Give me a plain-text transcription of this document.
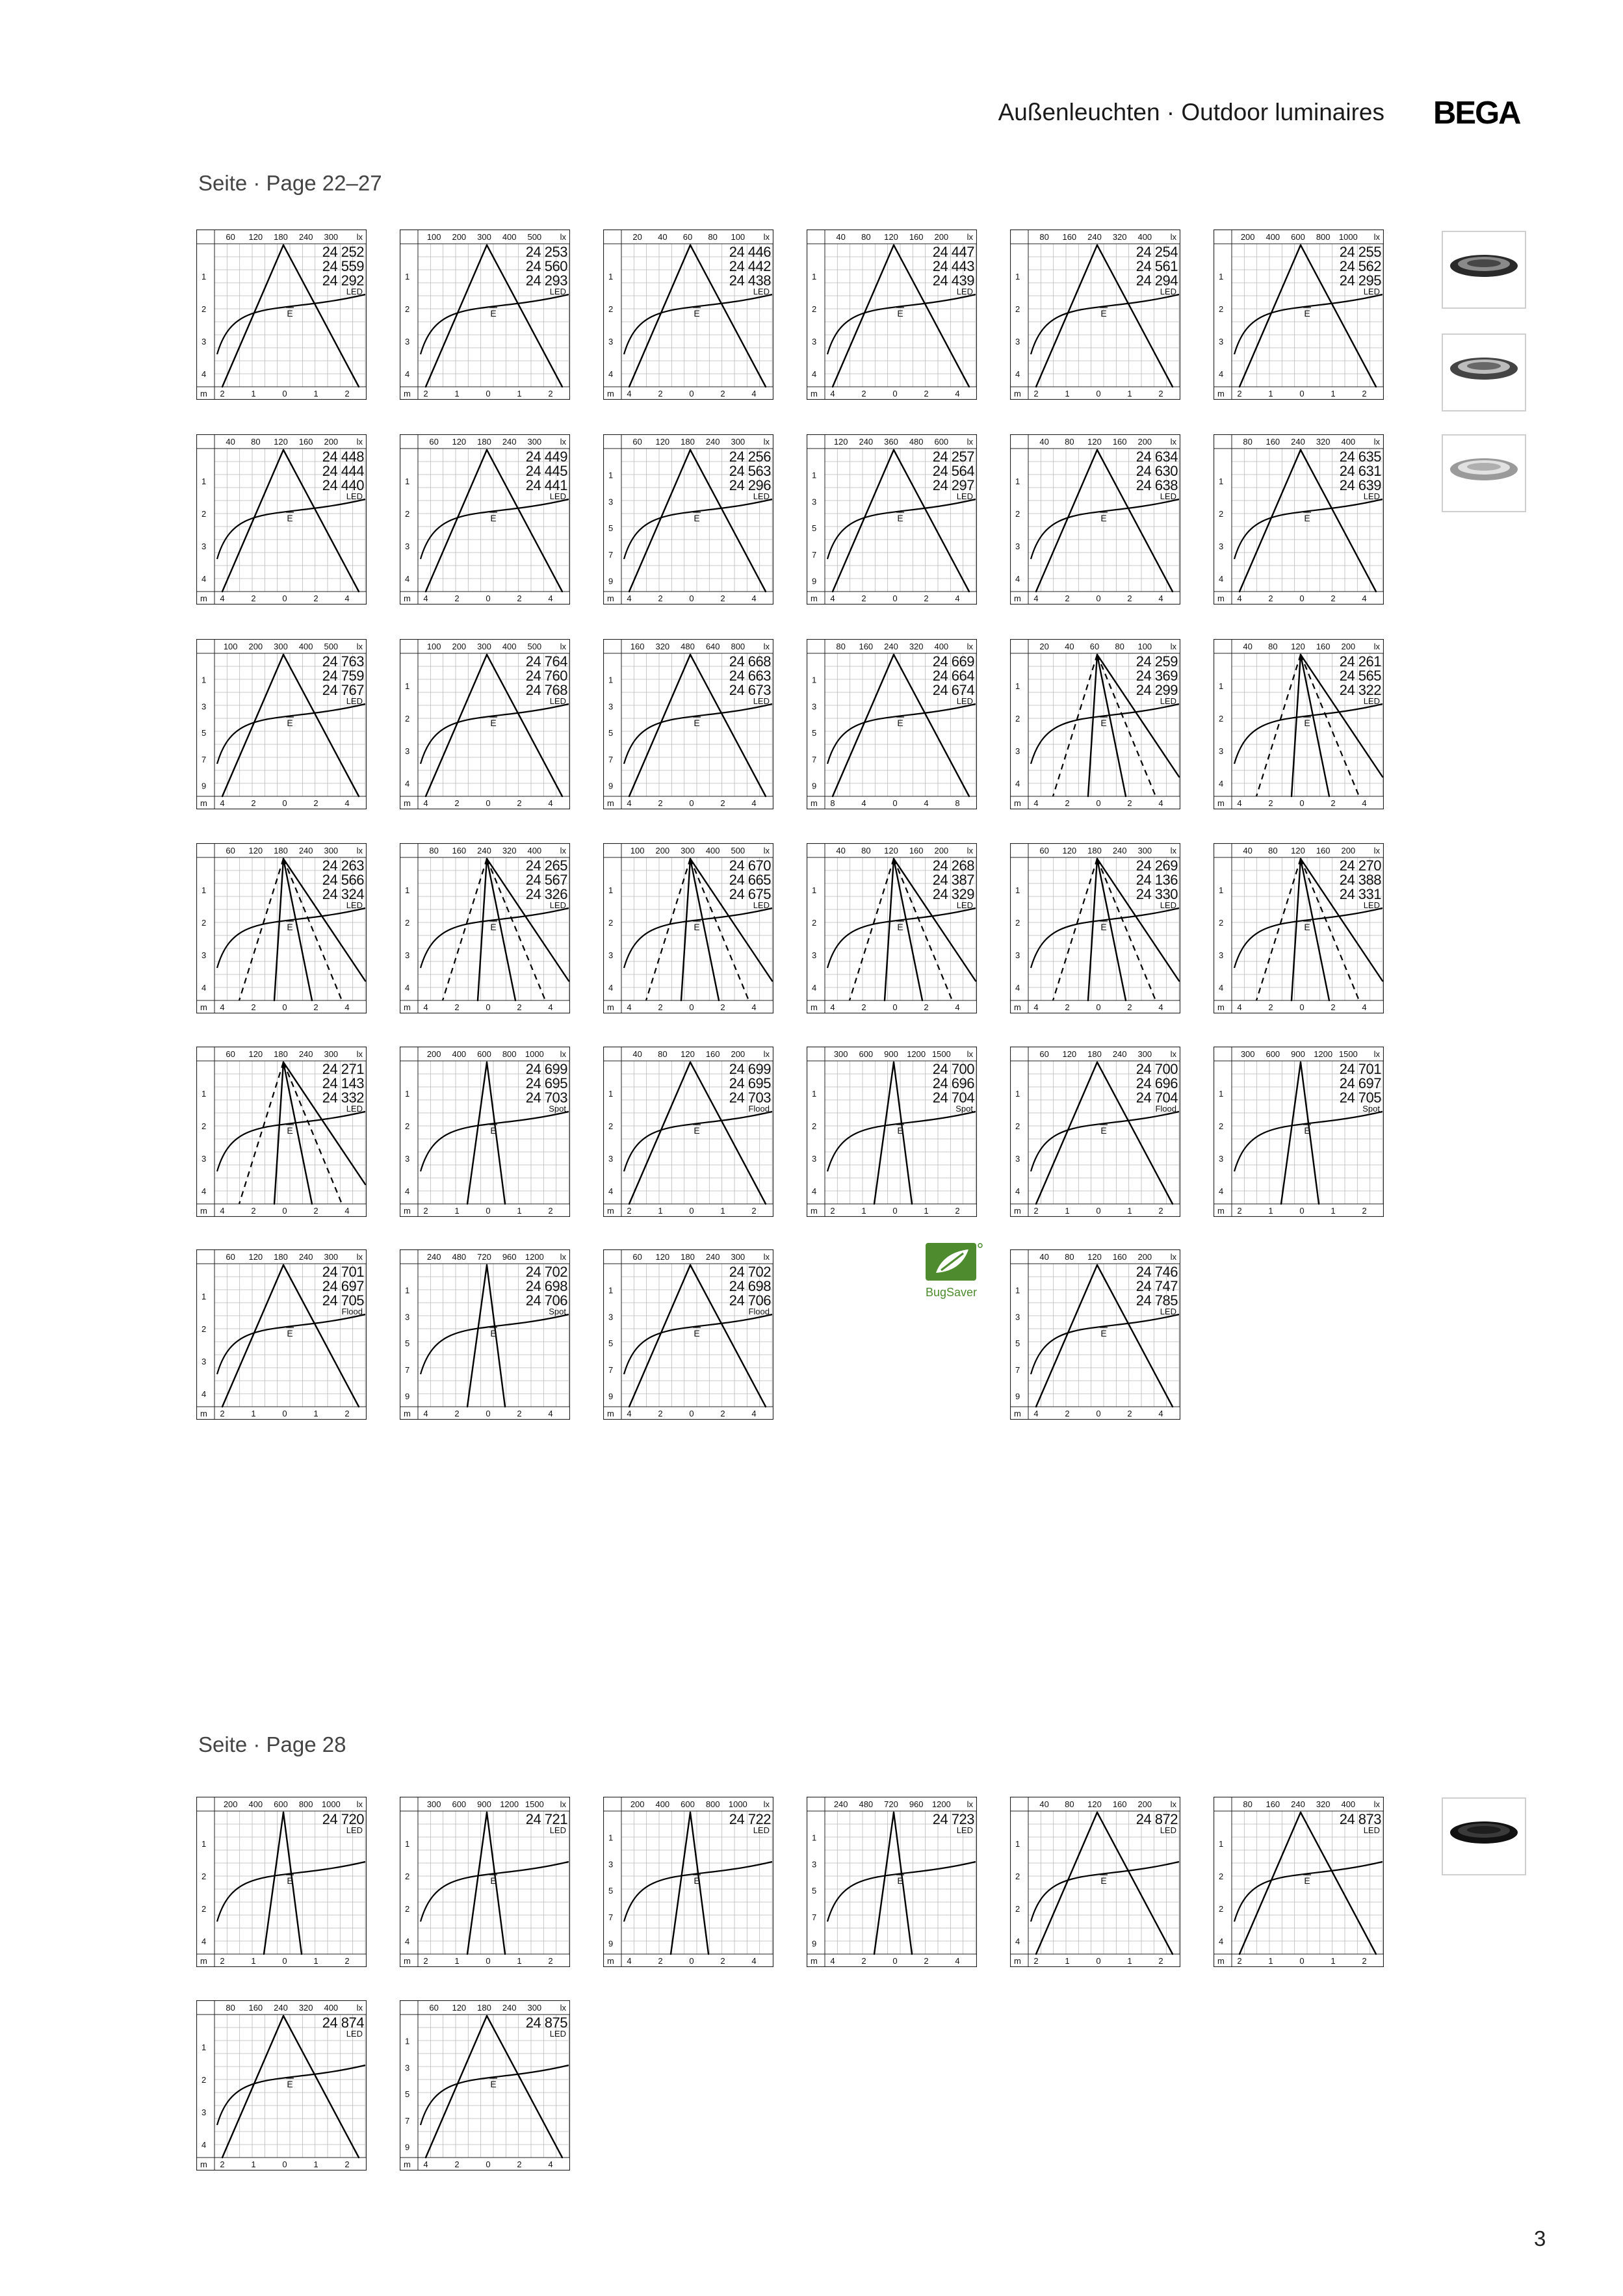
Außenleuchten · Outdoor luminaires BEGA
Seite · Page 22–27
Seite · Page 28
60 120 180 240 300 lx
1
2
3
4
m 2	1	0	1	2
24 252
24 559
24 292
LED
E
100 200 300 400 500 lx
1
2
3
4
m 2	1	0	1	2
24 253
24 560
24 293
LED
E
20 40 60 80 100 lx
1
2
3
4
m 4	2	0	2	4
24 446
24 442
24 438
LED
E
40 80 120 160 200 lx
1
2
3
4
m 4	2	0	2	4
24 447
24 443
24 439
LED
E
80 160 240 320 400 lx
1
2
3
4
m 2	1	0	1	2
24 254
24 561
24 294
LED
E
200 400 600 800 1000 lx
1
2
3
4
m 2	1	0	1	2
24 255
24 562
24 295
LED
E
40 80 120 160 200 lx
1
2
3
4
m 4	2	0	2	4
24 448
24 444
24 440
LED
E
60 120 180 240 300 lx
1
2
3
4
m 4	2	0	2	4
24 449
24 445
24 441
LED
E
60 120 180 240 300 lx
1
3
5
7
9
m 4	2	0	2	4
24 256
24 563
24 296
LED
E
120 240 360 480 600 lx
1
3
5
7
9
m 4	2	0	2	4
24 257
24 564
24 297
LED
E
40 80 120 160 200 lx
1
2
3
4
m 4	2	0	2	4
24 634
24 630
24 638
LED
E
80 160 240 320 400 lx
1
2
3
4
m 4	2	0	2	4
24 635
24 631
24 639
LED
E
100 200 300 400 500 lx
1
3
5
7
9
m 4	2	0	2	4
24 763
24 759
24 767
LED
E
100 200 300 400 500 lx
1
2
3
4
m 4	2	0	2	4
24 764
24 760
24 768
LED
E
160 320 480 640 800 lx
1
3
5
7
9
m 4	2	0	2	4
24 668
24 663
24 673
LED
E
80 160 240 320 400 lx
1
3
5
7
9
m 8	4	0	4	8
24 669
24 664
24 674
LED
E
20 40 60 80 100 lx
1
2
3
4
m 4	2	0	2	4
24 259
24 369
24 299
LED
E
40 80 120 160 200 lx
1
2
3
4
m 4	2	0	2	4
24 261
24 565
24 322
LED
E
60 120 180 240 300 lx
1
2
3
4
m 4	2	0	2	4
24 263
24 566
24 324
LED
E
80 160 240 320 400 lx
1
2
3
4
m 4	2	0	2	4
24 265
24 567
24 326
LED
E
100 200 300 400 500 lx
1
2
3
4
m 4	2	0	2	4
24 670
24 665
24 675
LED
E
40 80 120 160 200 lx
1
2
3
4
m 4	2	0	2	4
24 268
24 387
24 329
LED
E
60 120 180 240 300 lx
1
2
3
4
m 4	2	0	2	4
24 269
24 136
24 330
LED
E
40 80 120 160 200 lx
1
2
3
4
m 4	2	0	2	4
24 270
24 388
24 331
LED
E
60 120 180 240 300 lx
1
2
3
4
m 4	2	0	2	4
24 271
24 143
24 332
LED
E
200 400 600 800 1000 lx
1
2
3
4
m 2	1	0	1	2
24 699
24 695
24 703
Spot
E
40 80 120 160 200 lx
1
2
3
4
m 2	1	0	1	2
24 699
24 695
24 703
Flood
E
300 600 900 1200 1500 lx
1
2
3
4
m 2	1	0	1	2
24 700
24 696
24 704
Spot
E
60 120 180 240 300 lx
1
2
3
4
m 2	1	0	1	2
24 700
24 696
24 704
Flood
E
300 600 900 1200 1500 lx
1
2
3
4
m 2	1	0	1	2
24 701
24 697
24 705
Spot
E
60 120 180 240 300 lx
1
2
3
4
m 2	1	0	1	2
24 701
24 697
24 705
Flood
E
240 480 720 960 1200 lx
1
3
5
7
9
m 4	2	0	2	4
24 702
24 698
24 706
Spot
E
60 120 180 240 300 lx
1
3
5
7
9
m 4	2	0	2	4
24 702
24 698
24 706
Flood
E
40 80 120 160 200 lx
1
3
5
7
9
m 4	2	0	2	4
24 746
24 747
24 785
LED
E
200 400 600 800 1000 lx
1
2
2
4
m 2	1	0	1	2
24 720
LED
E
300 600 900 1200 1500 lx
1
2
2
4
m 2	1	0	1	2
24 721
LED
E
200 400 600 800 1000 lx
1
3
5
7
9
m 4	2	0	2	4
24 722
LED
E
240 480 720 960 1200 lx
1
3
5
7
9
m 4	2	0	2	4
24 723
LED
E
40 80 120 160 200 lx
1
2
2
4
m 2	1	0	1	2
24 872
LED
E
80 160 240 320 400 lx
1
2
2
4
m 2	1	0	1	2
24 873
LED
E
80 160 240 320 400 lx
1
2
3
4
m 2	1	0	1	2
24 874
LED
E
60 120 180 240 300 lx
1
3
5
7
9
m 4	2	0	2	4
24 875
LED
E
BugSaver
3
